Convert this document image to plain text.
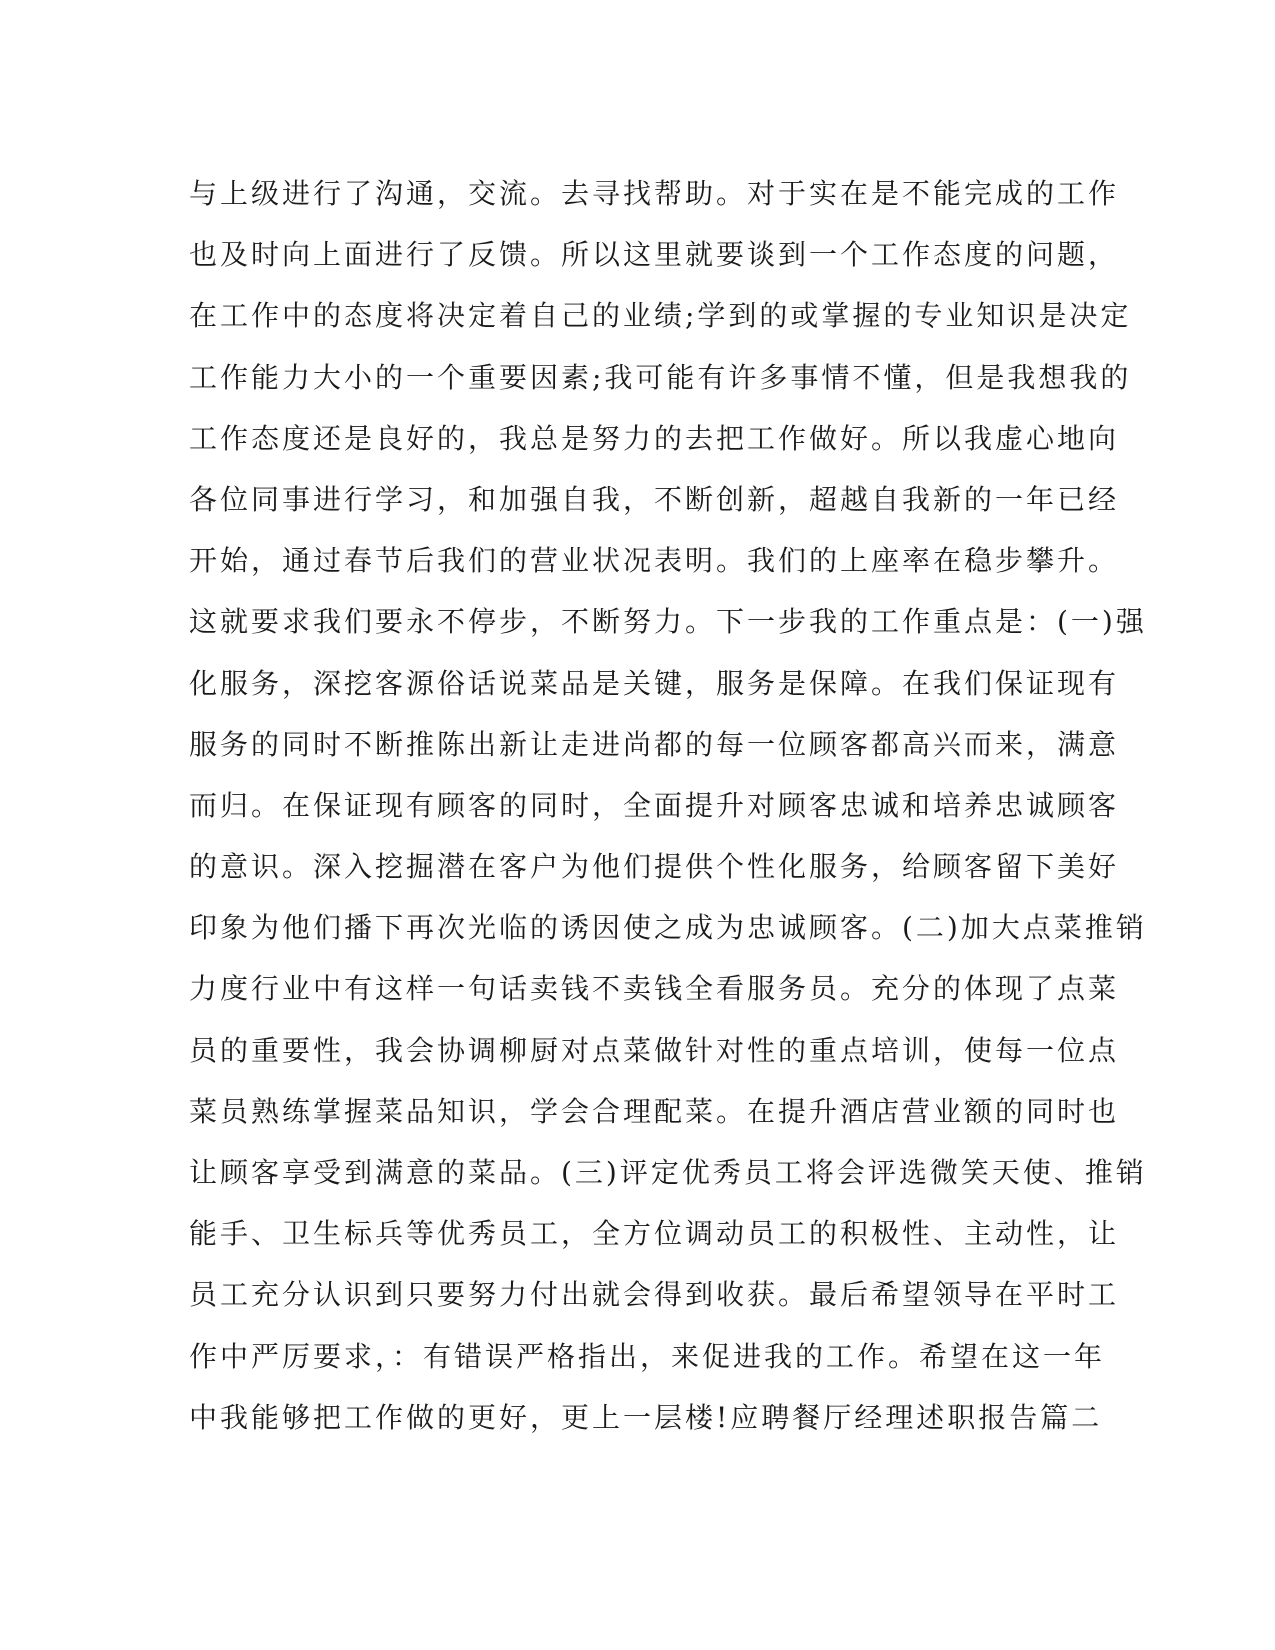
与上级进行了沟通，交流。去寻找帮助。对于实在是不能完成的工作
也及时向上面进行了反馈。所以这里就要谈到一个工作态度的问题，
在工作中的态度将决定着自己的业绩;学到的或掌握的专业知识是决定
工作能力大小的一个重要因素;我可能有许多事情不懂，但是我想我的
工作态度还是良好的，我总是努力的去把工作做好。所以我虚心地向
各位同事进行学习，和加强自我，不断创新，超越自我新的一年已经
开始，通过春节后我们的营业状况表明。我们的上座率在稳步攀升。
这就要求我们要永不停步，不断努力。下一步我的工作重点是：(一)强
化服务，深挖客源俗话说菜品是关键，服务是保障。在我们保证现有
服务的同时不断推陈出新让走进尚都的每一位顾客都高兴而来，满意
而归。在保证现有顾客的同时，全面提升对顾客忠诚和培养忠诚顾客
的意识。深入挖掘潜在客户为他们提供个性化服务，给顾客留下美好
印象为他们播下再次光临的诱因使之成为忠诚顾客。(二)加大点菜推销
力度行业中有这样一句话卖钱不卖钱全看服务员。充分的体现了点菜
员的重要性，我会协调柳厨对点菜做针对性的重点培训，使每一位点
菜员熟练掌握菜品知识，学会合理配菜。在提升酒店营业额的同时也
让顾客享受到满意的菜品。(三)评定优秀员工将会评选微笑天使、推销
能手、卫生标兵等优秀员工，全方位调动员工的积极性、主动性，让
员工充分认识到只要努力付出就会得到收获。最后希望领导在平时工
作中严厉要求，：有错误严格指出，来促进我的工作。希望在这一年
中我能够把工作做的更好，更上一层楼!应聘餐厅经理述职报告篇二
